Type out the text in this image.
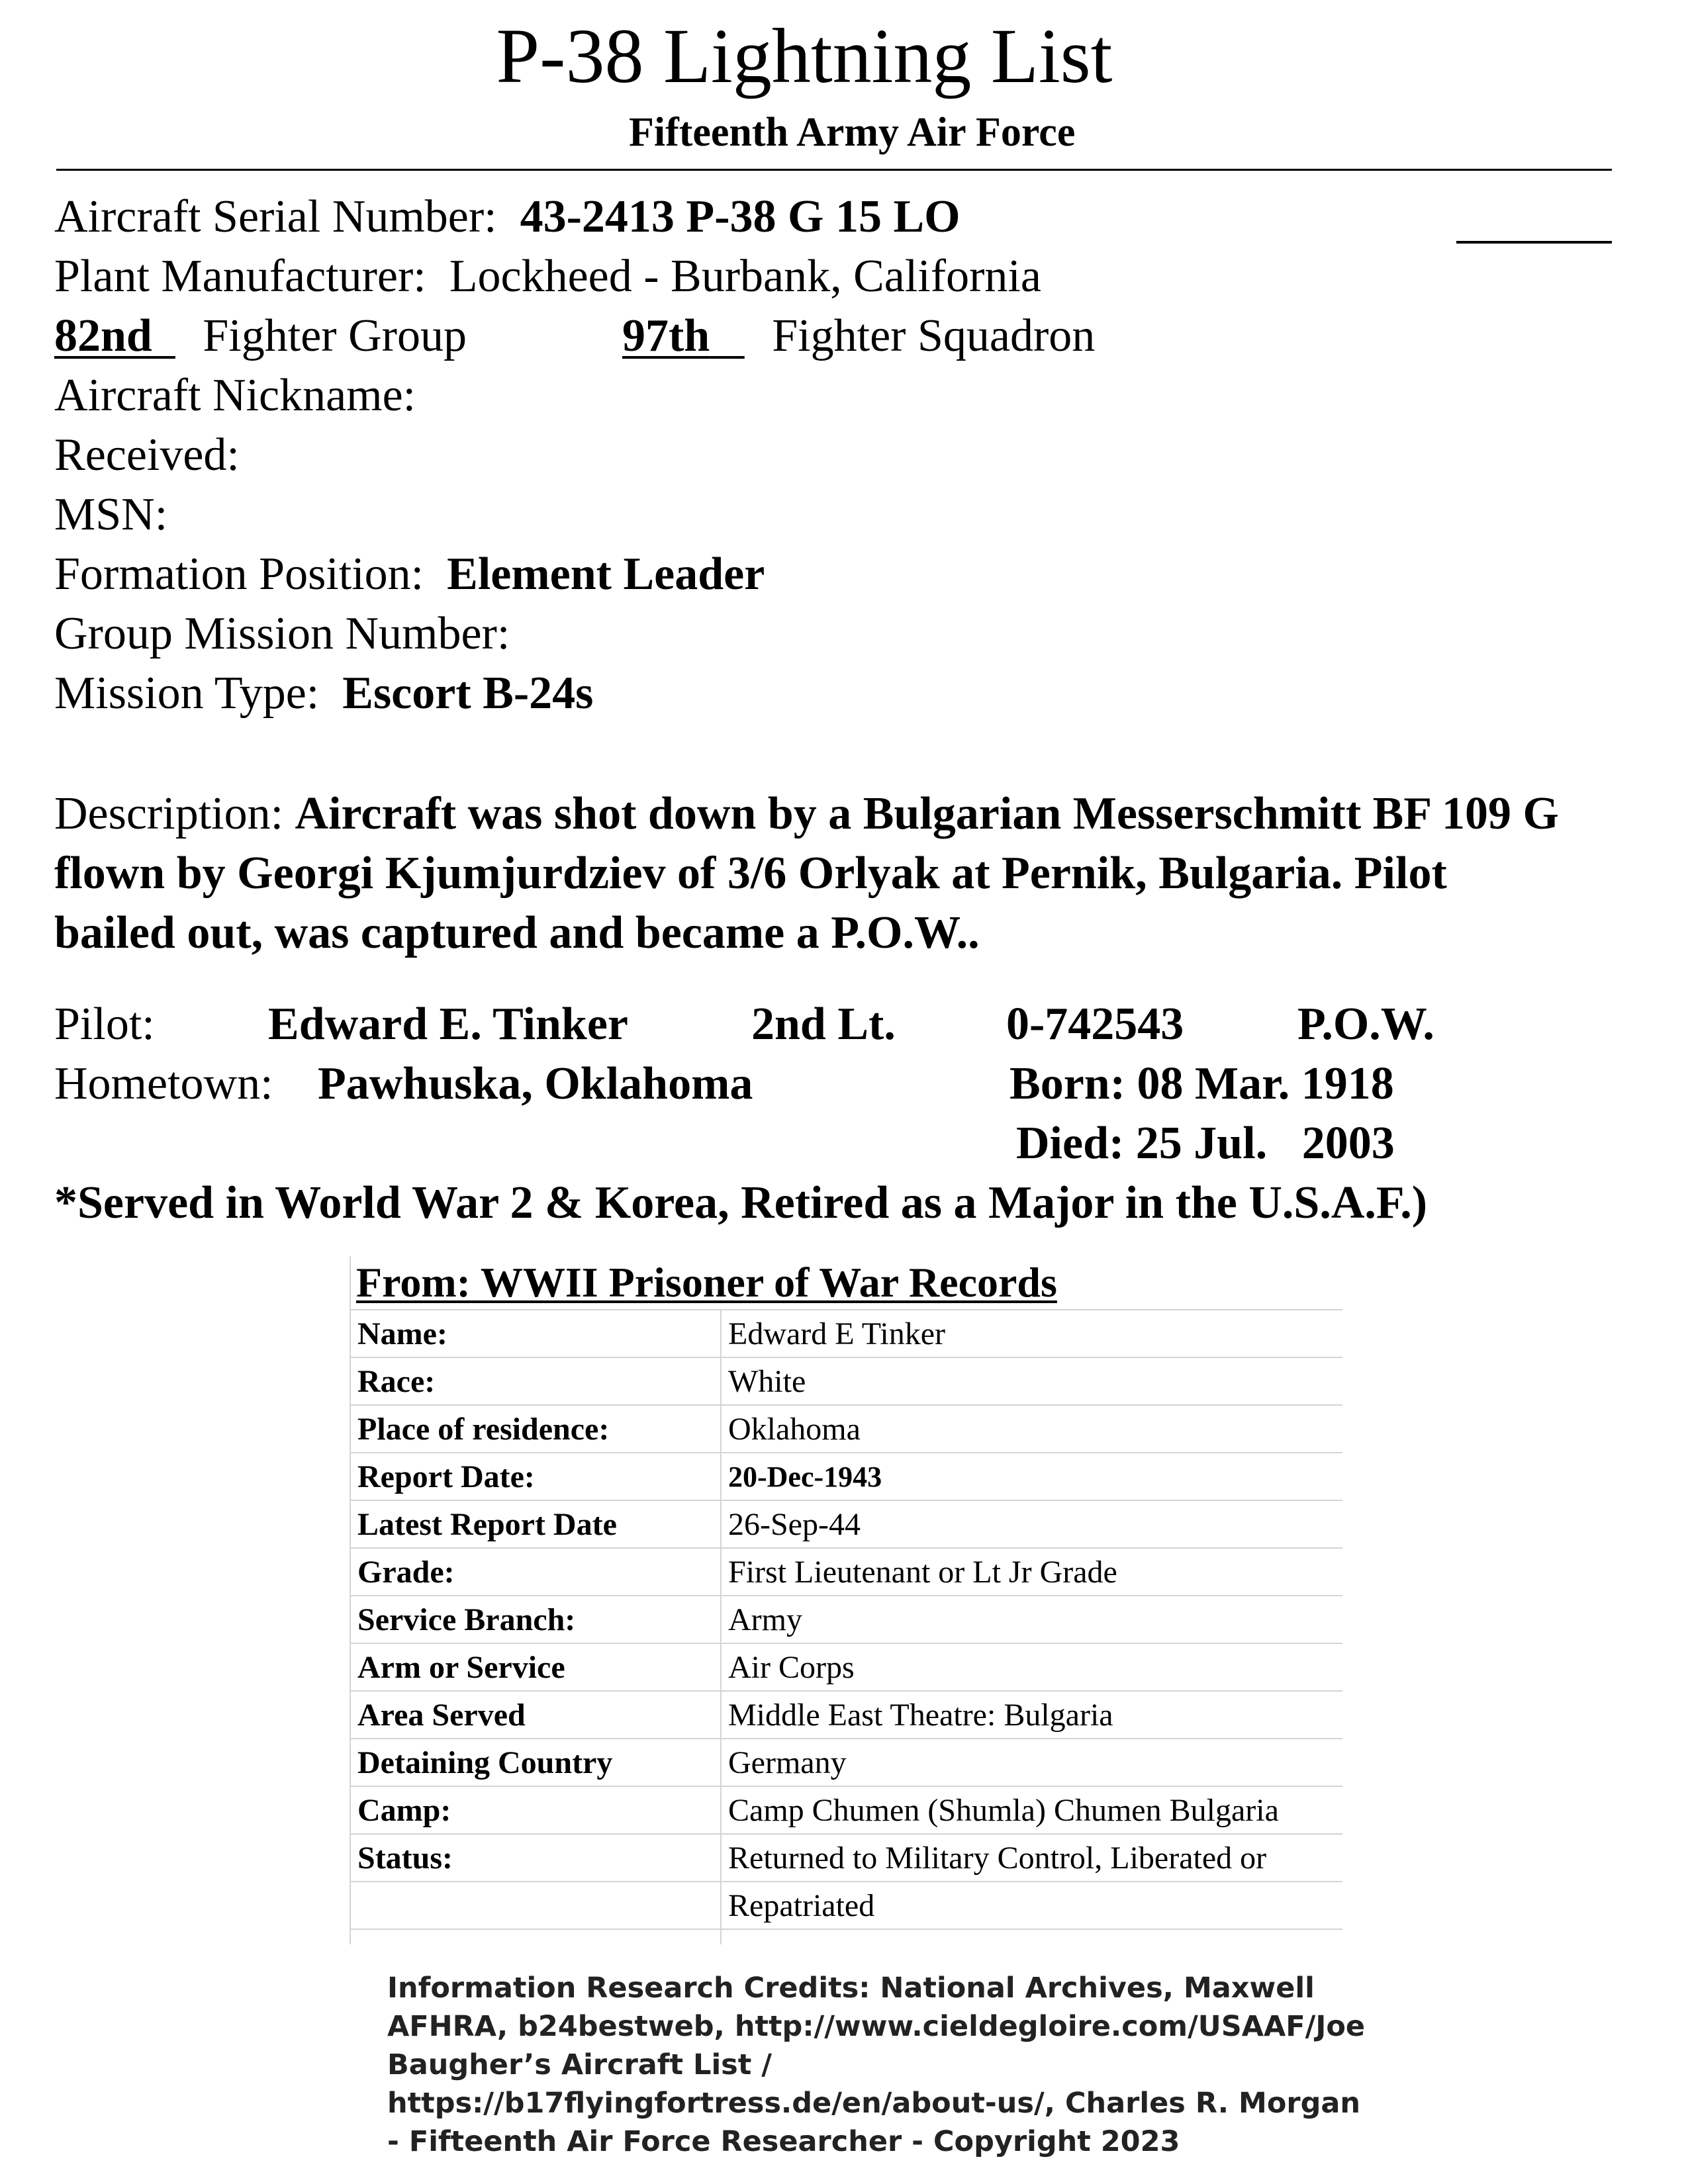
P-38 Lightning List
Fifteenth Army Air Force
Aircraft Serial Number: 43-2413 P-38 G 15 LO
Plant Manufacturer: Lockheed - Burbank, California
82nd Fighter Group	97th Fighter Squadron
Aircraft Nickname:
Received:
MSN:
Formation Position: Element Leader
Group Mission Number:
Mission Type: Escort B-24s
Description: Aircraft was shot down by a Bulgarian Messerschmitt BF 109 G flown by Georgi Kjumjurdziev of 3/6 Orlyak at Pernik, Bulgaria. Pilot bailed out, was captured and became a P.O.W..
Pilot: Edward E. Tinker	2nd Lt. 0-742543 P.O.W.
Hometown: Pawhuska, Oklahoma	Born: 08 Mar. 1918
Died: 25 Jul.   2003
*Served in World War 2 & Korea, Retired as a Major in the U.S.A.F.)
From: WWII Prisoner of War Records
Name:	Edward E Tinker
Race:	White
Place of residence:	Oklahoma
Report Date:	20-Dec-1943
Latest Report Date	26-Sep-44
Grade:	First Lieutenant or Lt Jr Grade
Service Branch:	Army
Arm or Service	Air Corps
Area Served	Middle East Theatre: Bulgaria
Detaining Country	Germany
Camp:	Camp Chumen (Shumla) Chumen Bulgaria
Status:	Returned to Military Control, Liberated or
Repatriated
Information Research Credits: National Archives, Maxwell AFHRA, b24bestweb, http://www.cieldegloire.com/USAAF/Joe Baugher’s Aircraft List / https://b17flyingfortress.de/en/about-us/, Charles R. Morgan - Fifteenth Air Force Researcher - Copyright 2023
